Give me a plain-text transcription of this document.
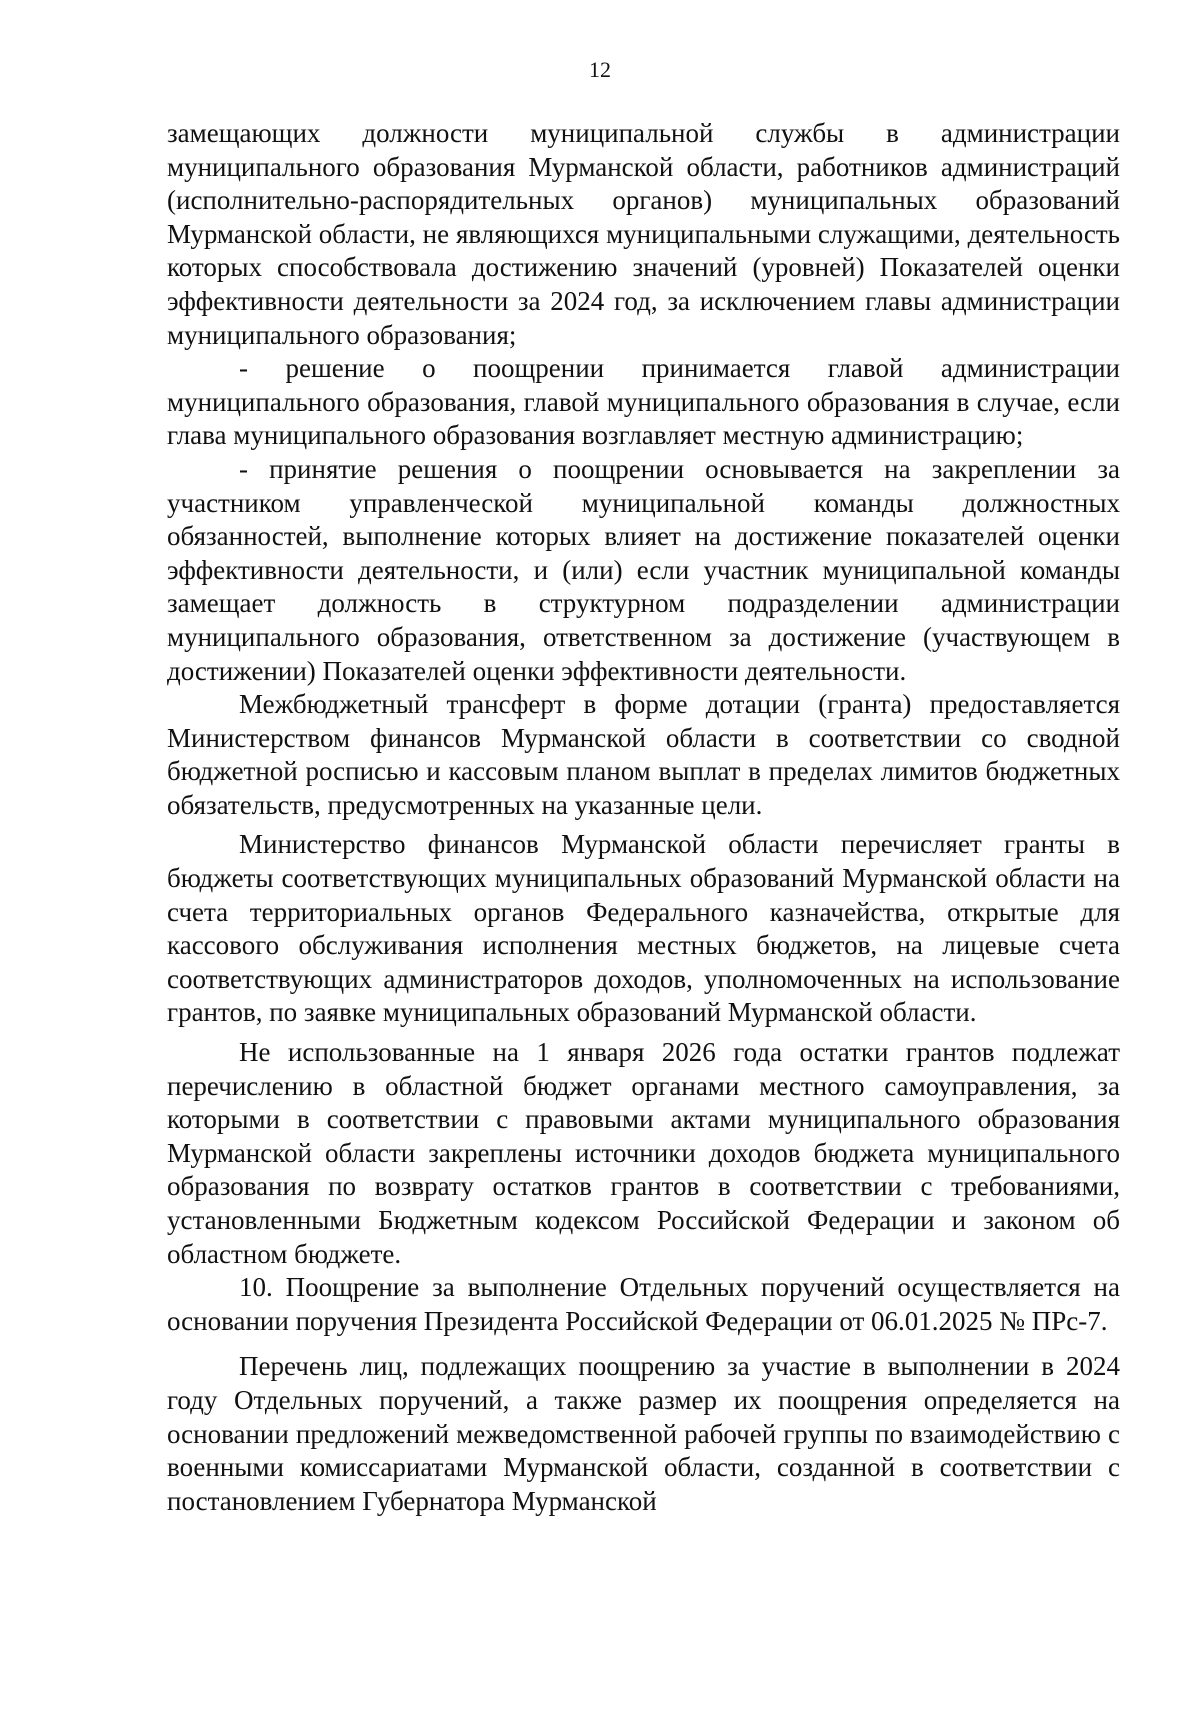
12

замещающих должности муниципальной службы в администрации муниципального образования Мурманской области, работников администраций (исполнительно-распорядительных органов) муниципальных образований Мурманской области, не являющихся муниципальными служащими, деятельность которых способствовала достижению значений (уровней) Показателей оценки эффективности деятельности за 2024 год, за исключением главы администрации муниципального образования;

- решение о поощрении принимается главой администрации муниципального образования, главой муниципального образования в случае, если глава муниципального образования возглавляет местную администрацию;

- принятие решения о поощрении основывается на закреплении за участником управленческой муниципальной команды должностных обязанностей, выполнение которых влияет на достижение показателей оценки эффективности деятельности, и (или) если участник муниципальной команды замещает должность в структурном подразделении администрации муниципального образования, ответственном за достижение (участвующем в достижении) Показателей оценки эффективности деятельности.

Межбюджетный трансферт в форме дотации (гранта) предоставляется Министерством финансов Мурманской области в соответствии со сводной бюджетной росписью и кассовым планом выплат в пределах лимитов бюджетных обязательств, предусмотренных на указанные цели.

Министерство финансов Мурманской области перечисляет гранты в бюджеты соответствующих муниципальных образований Мурманской области на счета территориальных органов Федерального казначейства, открытые для кассового обслуживания исполнения местных бюджетов, на лицевые счета соответствующих администраторов доходов, уполномоченных на использование грантов, по заявке муниципальных образований Мурманской области.

Не использованные на 1 января 2026 года остатки грантов подлежат перечислению в областной бюджет органами местного самоуправления, за которыми в соответствии с правовыми актами муниципального образования Мурманской области закреплены источники доходов бюджета муниципального образования по возврату остатков грантов в соответствии с требованиями, установленными Бюджетным кодексом Российской Федерации и законом об областном бюджете.

10. Поощрение за выполнение Отдельных поручений осуществляется на основании поручения Президента Российской Федерации от 06.01.2025 № ПРс-7.

Перечень лиц, подлежащих поощрению за участие в выполнении в 2024 году Отдельных поручений, а также размер их поощрения определяется на основании предложений межведомственной рабочей группы по взаимодействию с военными комиссариатами Мурманской области, созданной в соответствии с постановлением Губернатора Мурманской
